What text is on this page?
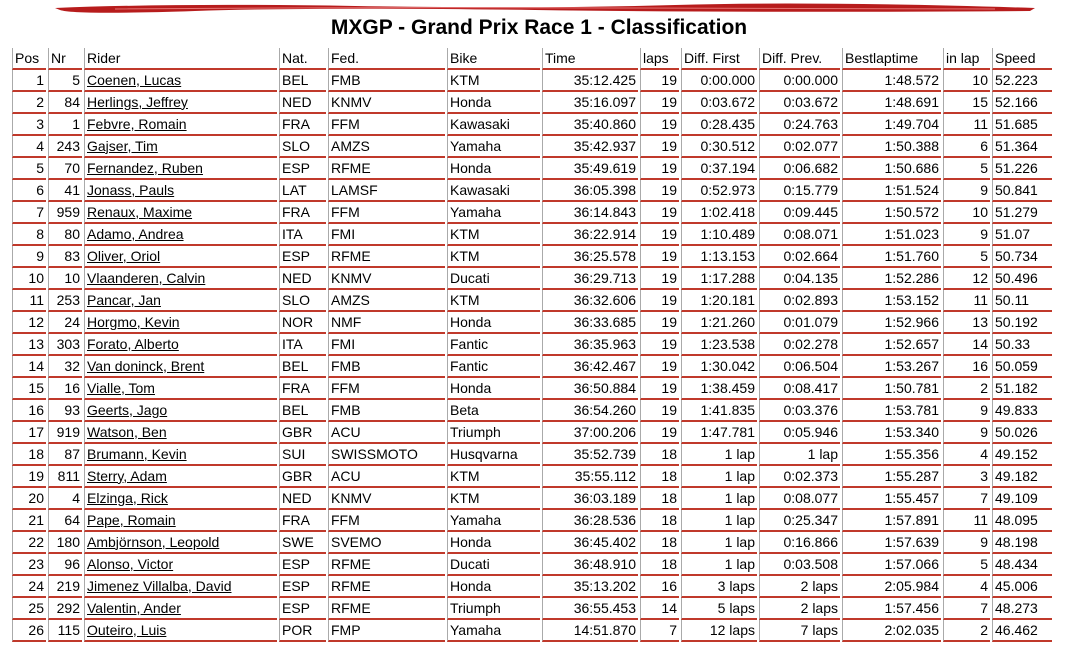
MXGP - Grand Prix Race 1 - Classification
Pos	Nr	Rider	Nat.	Fed.	Bike	Time	laps	Diff. First	Diff. Prev.	Bestlaptime	in lap	Speed
1	5	Coenen, Lucas	BEL	FMB	KTM	35:12.425	19	0:00.000	0:00.000	1:48.572	10	52.223
2	84	Herlings, Jeffrey	NED	KNMV	Honda	35:16.097	19	0:03.672	0:03.672	1:48.691	15	52.166
3	1	Febvre, Romain	FRA	FFM	Kawasaki	35:40.860	19	0:28.435	0:24.763	1:49.704	11	51.685
4	243	Gajser, Tim	SLO	AMZS	Yamaha	35:42.937	19	0:30.512	0:02.077	1:50.388	6	51.364
5	70	Fernandez, Ruben	ESP	RFME	Honda	35:49.619	19	0:37.194	0:06.682	1:50.686	5	51.226
6	41	Jonass, Pauls	LAT	LAMSF	Kawasaki	36:05.398	19	0:52.973	0:15.779	1:51.524	9	50.841
7	959	Renaux, Maxime	FRA	FFM	Yamaha	36:14.843	19	1:02.418	0:09.445	1:50.572	10	51.279
8	80	Adamo, Andrea	ITA	FMI	KTM	36:22.914	19	1:10.489	0:08.071	1:51.023	9	51.07
9	83	Oliver, Oriol	ESP	RFME	KTM	36:25.578	19	1:13.153	0:02.664	1:51.760	5	50.734
10	10	Vlaanderen, Calvin	NED	KNMV	Ducati	36:29.713	19	1:17.288	0:04.135	1:52.286	12	50.496
11	253	Pancar, Jan	SLO	AMZS	KTM	36:32.606	19	1:20.181	0:02.893	1:53.152	11	50.11
12	24	Horgmo, Kevin	NOR	NMF	Honda	36:33.685	19	1:21.260	0:01.079	1:52.966	13	50.192
13	303	Forato, Alberto	ITA	FMI	Fantic	36:35.963	19	1:23.538	0:02.278	1:52.657	14	50.33
14	32	Van doninck, Brent	BEL	FMB	Fantic	36:42.467	19	1:30.042	0:06.504	1:53.267	16	50.059
15	16	Vialle, Tom	FRA	FFM	Honda	36:50.884	19	1:38.459	0:08.417	1:50.781	2	51.182
16	93	Geerts, Jago	BEL	FMB	Beta	36:54.260	19	1:41.835	0:03.376	1:53.781	9	49.833
17	919	Watson, Ben	GBR	ACU	Triumph	37:00.206	19	1:47.781	0:05.946	1:53.340	9	50.026
18	87	Brumann, Kevin	SUI	SWISSMOTO	Husqvarna	35:52.739	18	1 lap	1 lap	1:55.356	4	49.152
19	811	Sterry, Adam	GBR	ACU	KTM	35:55.112	18	1 lap	0:02.373	1:55.287	3	49.182
20	4	Elzinga, Rick	NED	KNMV	KTM	36:03.189	18	1 lap	0:08.077	1:55.457	7	49.109
21	64	Pape, Romain	FRA	FFM	Yamaha	36:28.536	18	1 lap	0:25.347	1:57.891	11	48.095
22	180	Ambjörnson, Leopold	SWE	SVEMO	Honda	36:45.402	18	1 lap	0:16.866	1:57.639	9	48.198
23	96	Alonso, Victor	ESP	RFME	Ducati	36:48.910	18	1 lap	0:03.508	1:57.066	5	48.434
24	219	Jimenez Villalba, David	ESP	RFME	Honda	35:13.202	16	3 laps	2 laps	2:05.984	4	45.006
25	292	Valentin, Ander	ESP	RFME	Triumph	36:55.453	14	5 laps	2 laps	1:57.456	7	48.273
26	115	Outeiro, Luis	POR	FMP	Yamaha	14:51.870	7	12 laps	7 laps	2:02.035	2	46.462
